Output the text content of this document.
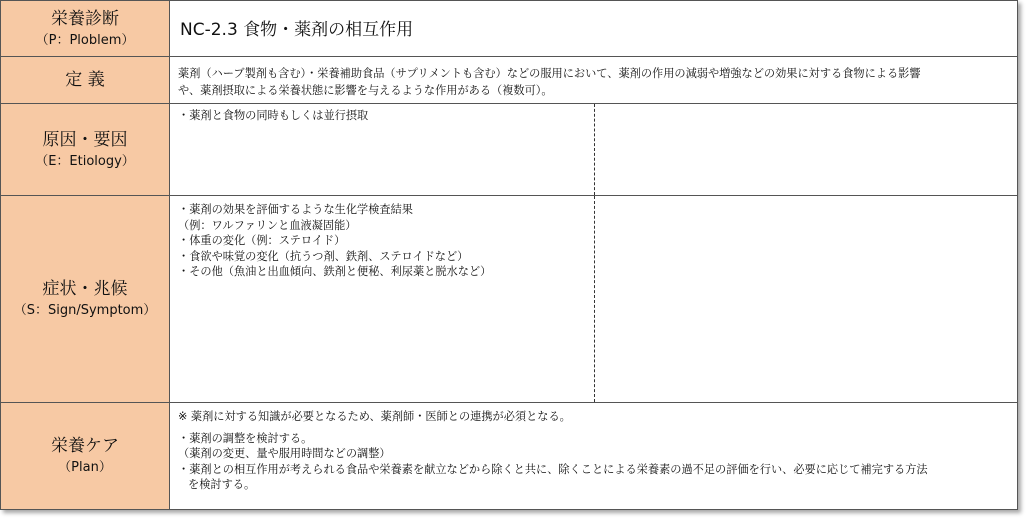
栄養診断
（P：Ploblem）	NC-2.3 食物・薬剤の相互作用
定 義	薬剤（ハーブ製剤も含む）・栄養補助食品（サプリメントも含む）などの服用において、薬剤の作用の減弱や増強などの効果に対する食物による影響
や、薬剤摂取による栄養状態に影響を与えるような作用がある（複数可）。
原因・要因
（E：Etiology）
・薬剤と食物の同時もしくは並行摂取
症状・兆候
（S：Sign/Symptom）
・薬剤の効果を評価するような生化学検査結果
（例：ワルファリンと血液凝固能）
・体重の変化（例：ステロイド）
・食欲や味覚の変化（抗うつ剤、鉄剤、ステロイドなど）
・その他（魚油と出血傾向、鉄剤と便秘、利尿薬と脱水など）
栄養ケア
（Plan）
※ 薬剤に対する知識が必要となるため、薬剤師・医師との連携が必須となる。
・薬剤の調整を検討する。
（薬剤の変更、量や服用時間などの調整）
・薬剤との相互作用が考えられる食品や栄養素を献立などから除くと共に、除くことによる栄養素の過不足の評価を行い、必要に応じて補完する方法
を検討する。
